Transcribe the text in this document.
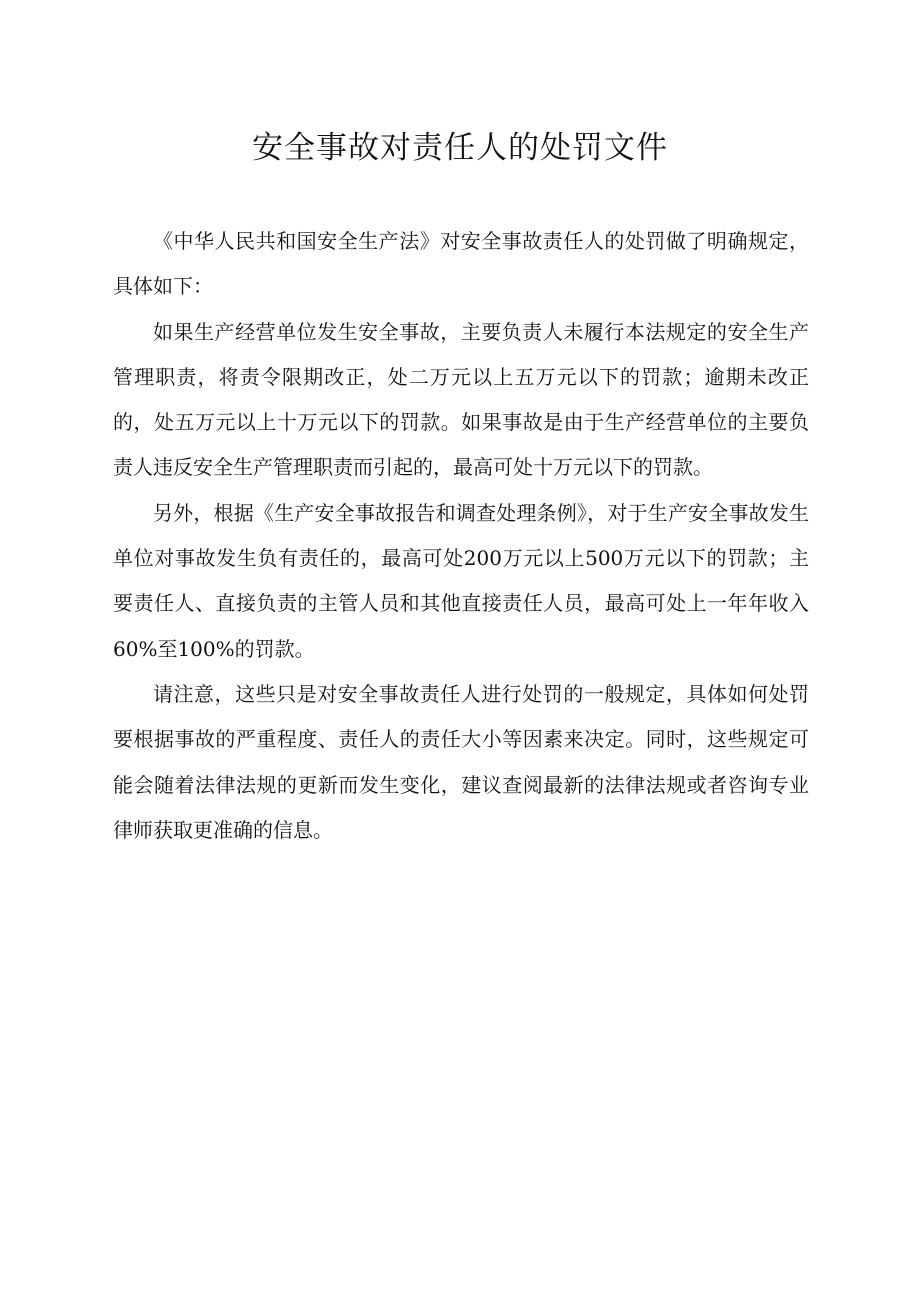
安全事故对责任人的处罚文件

《中华人民共和国安全生产法》对安全事故责任人的处罚做了明确规定，具体如下：

如果生产经营单位发生安全事故，主要负责人未履行本法规定的安全生产管理职责，将责令限期改正，处二万元以上五万元以下的罚款；逾期未改正的，处五万元以上十万元以下的罚款。如果事故是由于生产经营单位的主要负责人违反安全生产管理职责而引起的，最高可处十万元以下的罚款。

另外，根据《生产安全事故报告和调查处理条例》，对于生产安全事故发生单位对事故发生负有责任的，最高可处200万元以上500万元以下的罚款；主要责任人、直接负责的主管人员和其他直接责任人员，最高可处上一年年收入60%至100%的罚款。

请注意，这些只是对安全事故责任人进行处罚的一般规定，具体如何处罚要根据事故的严重程度、责任人的责任大小等因素来决定。同时，这些规定可能会随着法律法规的更新而发生变化，建议查阅最新的法律法规或者咨询专业律师获取更准确的信息。
